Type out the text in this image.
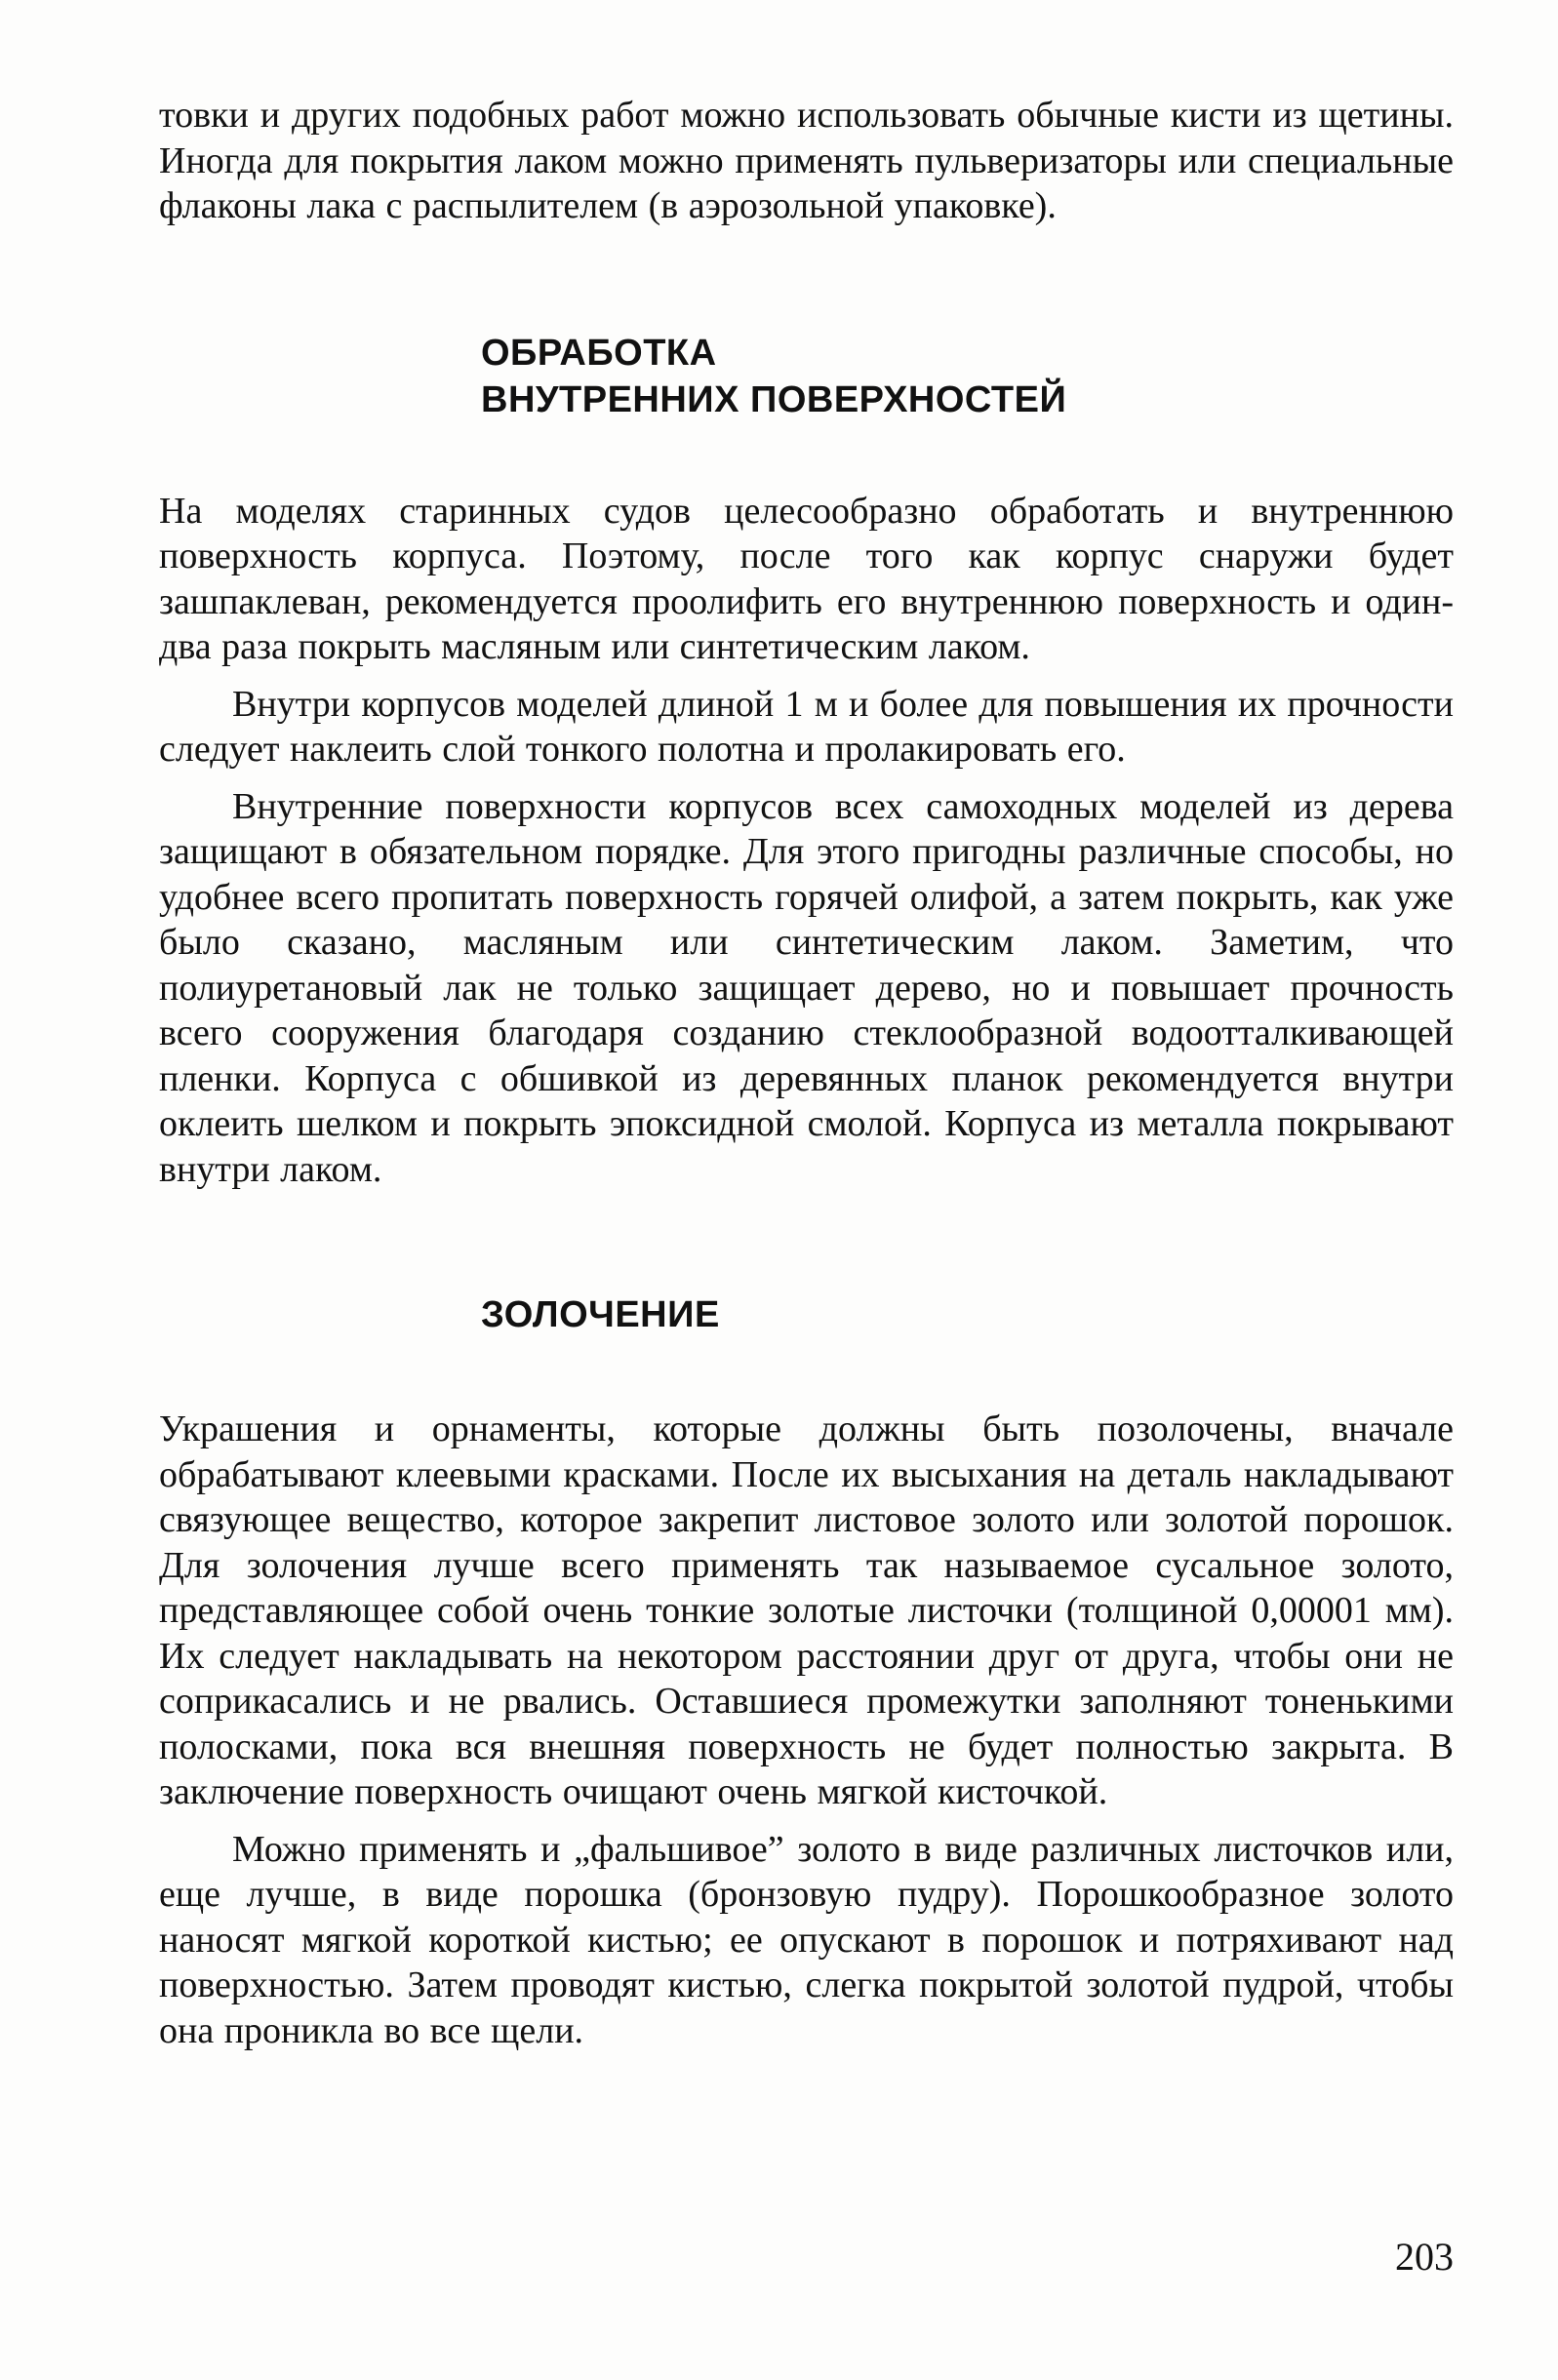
товки и других подобных работ можно использовать обычные кисти из щетины. Иногда для покрытия лаком можно применять пульверизаторы или специальные флаконы лака с распылителем (в аэрозольной упаковке).

ОБРАБОТКА
ВНУТРЕННИХ ПОВЕРХНОСТЕЙ

На моделях старинных судов целесообразно обработать и внутреннюю поверхность корпуса. Поэтому, после того как корпус снаружи будет зашпаклеван, рекомендуется проолифить его внутреннюю поверхность и один-два раза покрыть масляным или синтетическим лаком.

Внутри корпусов моделей длиной 1 м и более для повышения их прочности следует наклеить слой тонкого полотна и пролакировать его.

Внутренние поверхности корпусов всех самоходных моделей из дерева защищают в обязательном порядке. Для этого пригодны различные способы, но удобнее всего пропитать поверхность горячей олифой, а затем покрыть, как уже было сказано, масляным или синтетическим лаком. Заметим, что полиуретановый лак не только защищает дерево, но и повышает прочность всего сооружения благодаря созданию стеклообразной водоотталкивающей пленки. Корпуса с обшивкой из деревянных планок рекомендуется внутри оклеить шелком и покрыть эпоксидной смолой. Корпуса из металла покрывают внутри лаком.

ЗОЛОЧЕНИЕ

Украшения и орнаменты, которые должны быть позолочены, вначале обрабатывают клеевыми красками. После их высыхания на деталь накладывают связующее вещество, которое закрепит листовое золото или золотой порошок. Для золочения лучше всего применять так называемое сусальное золото, представляющее собой очень тонкие золотые листочки (толщиной 0,00001 мм). Их следует накладывать на некотором расстоянии друг от друга, чтобы они не соприкасались и не рвались. Оставшиеся промежутки заполняют тоненькими полосками, пока вся внешняя поверхность не будет полностью закрыта. В заключение поверхность очищают очень мягкой кисточкой.

Можно применять и „фальшивое” золото в виде различных листочков или, еще лучше, в виде порошка (бронзовую пудру). Порошкообразное золото наносят мягкой короткой кистью; ее опускают в порошок и потряхивают над поверхностью. Затем проводят кистью, слегка покрытой золотой пудрой, чтобы она проникла во все щели.

203
